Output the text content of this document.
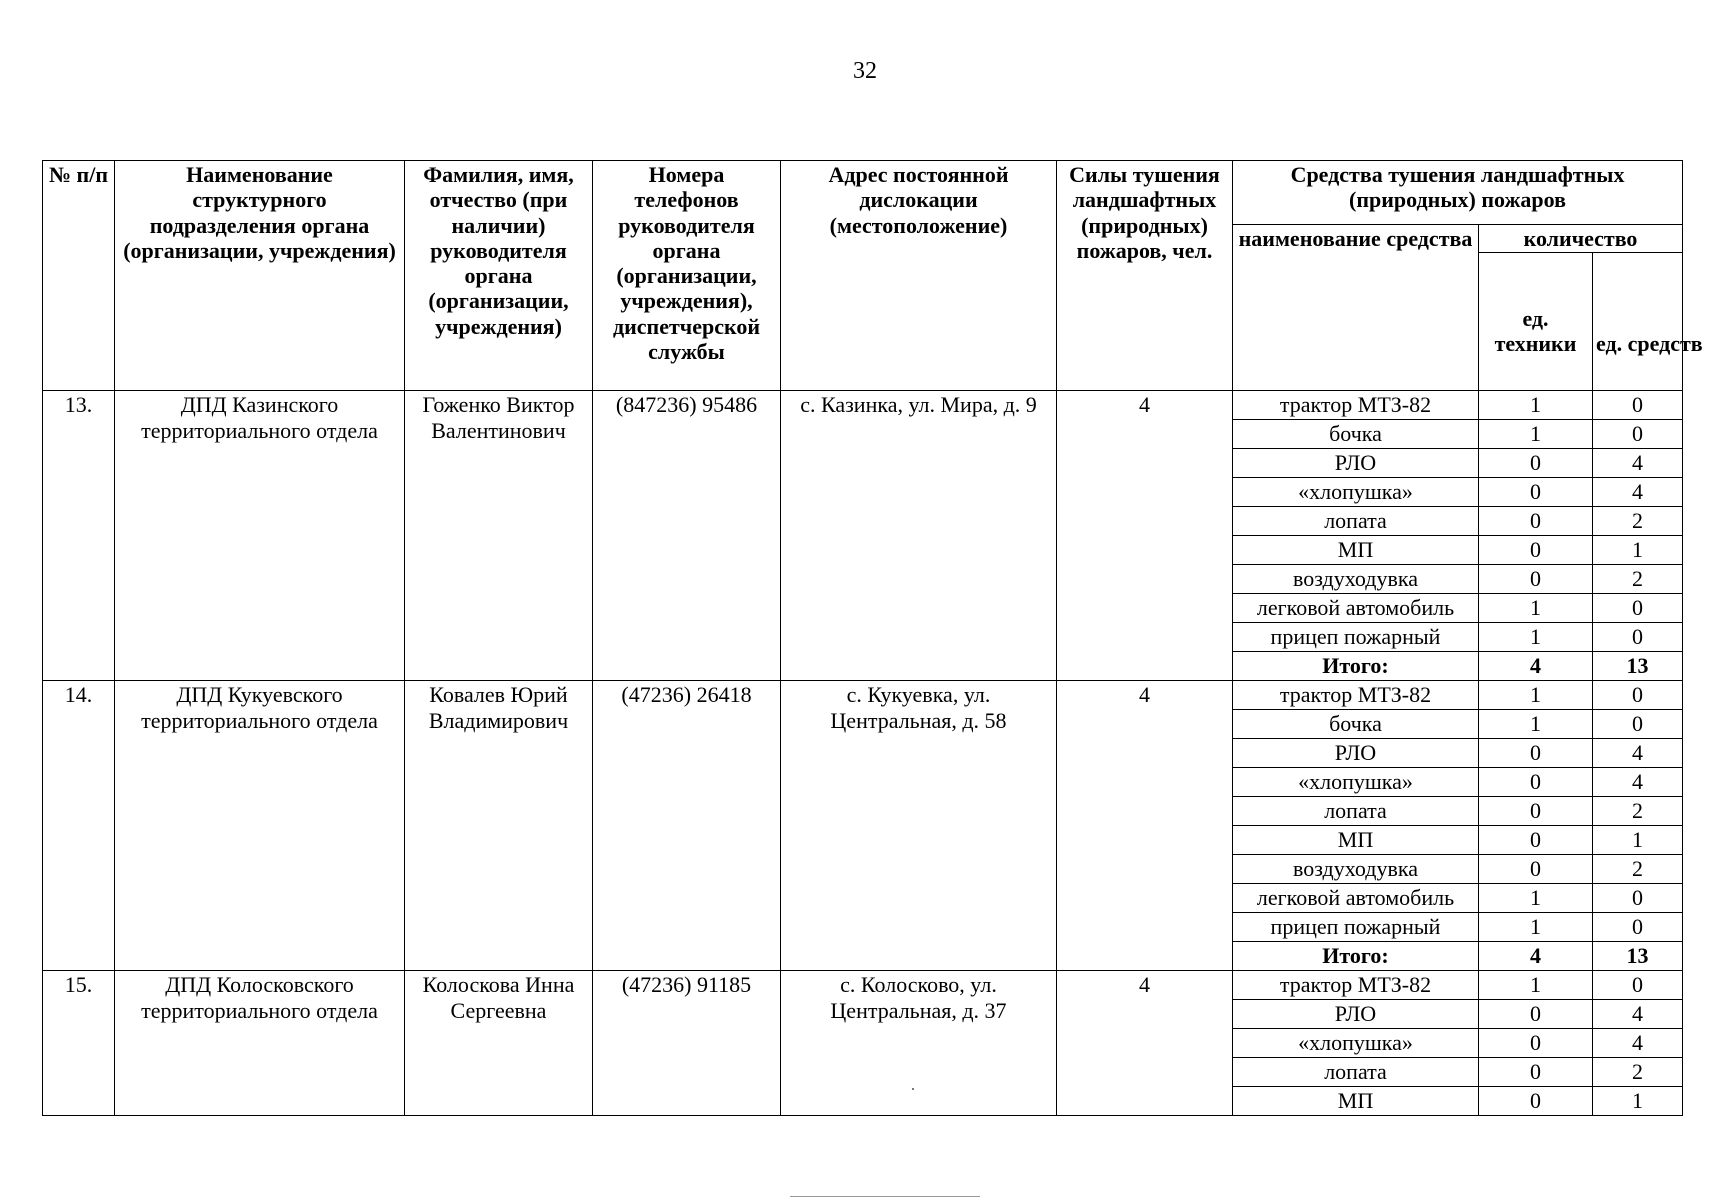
32
№ п/п	Наименование структурного подразделения органа (организации, учреждения)	Фамилия, имя, отчество (при наличии) руководителя органа (организации, учреждения)	Номера телефонов руководителя органа (организации, учреждения), диспетчерской службы	Адрес постоянной дислокации (местоположение)	Силы тушения ландшафтных (природных) пожаров, чел.	Средства тушения ландшафтных (природных) пожаров		
						наименование средства	количество	
							ед. техники	ед. средств
13.	ДПД Казинского территориального отдела	Гоженко Виктор Валентинович	(847236) 95486	с. Казинка, ул. Мира, д. 9	4	трактор МТЗ-82	1	0
						бочка	1	0
						РЛО	0	4
						«хлопушка»	0	4
						лопата	0	2
						МП	0	1
						воздуходувка	0	2
						легковой автомобиль	1	0
						прицеп пожарный	1	0
						Итого:	4	13
14.	ДПД Кукуевского территориального отдела	Ковалев Юрий Владимирович	(47236) 26418	с. Кукуевка, ул. Центральная, д. 58	4	трактор МТЗ-82	1	0
						бочка	1	0
						РЛО	0	4
						«хлопушка»	0	4
						лопата	0	2
						МП	0	1
						воздуходувка	0	2
						легковой автомобиль	1	0
						прицеп пожарный	1	0
						Итого:	4	13
15.	ДПД Колосковского территориального отдела	Колоскова Инна Сергеевна	(47236) 91185	с. Колосково, ул. Центральная, д. 37	4	трактор МТЗ-82	1	0
						РЛО	0	4
						«хлопушка»	0	4
						лопата	0	2
						МП	0	1
